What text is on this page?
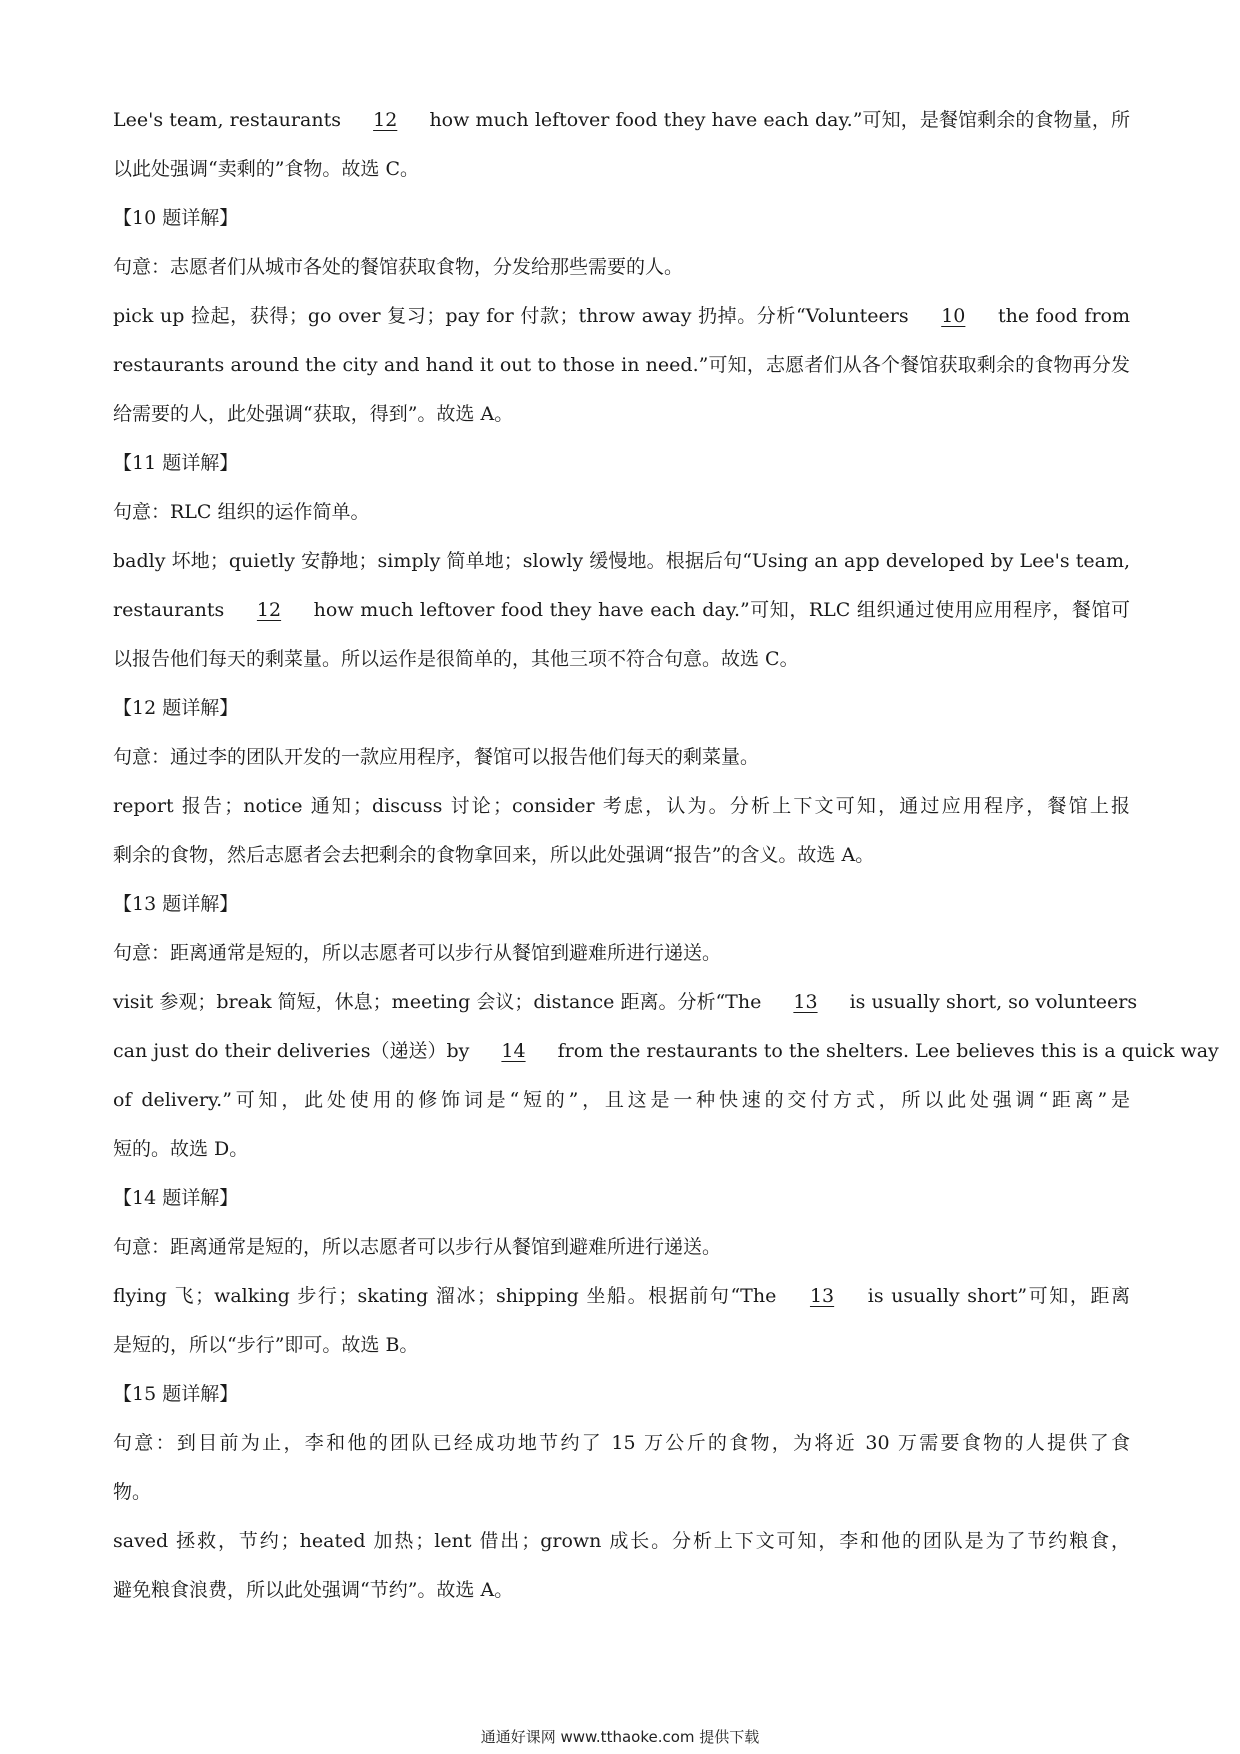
Lee's team, restaurants 12 how much leftover food they have each day.”可知，是餐馆剩余的食物量，所
以此处强调“卖剩的”食物。故选 C。
【10 题详解】
句意：志愿者们从城市各处的餐馆获取食物，分发给那些需要的人。
pick up 捡起，获得；go over 复习；pay for 付款；throw away 扔掉。分析“Volunteers 10 the food from
restaurants around the city and hand it out to those in need.”可知，志愿者们从各个餐馆获取剩余的食物再分发
给需要的人，此处强调“获取，得到”。故选 A。
【11 题详解】
句意：RLC 组织的运作简单。
badly 坏地；quietly 安静地；simply 简单地；slowly 缓慢地。根据后句“Using an app developed by Lee's team,
restaurants 12 how much leftover food they have each day.”可知，RLC 组织通过使用应用程序，餐馆可
以报告他们每天的剩菜量。所以运作是很简单的，其他三项不符合句意。故选 C。
【12 题详解】
句意：通过李的团队开发的一款应用程序，餐馆可以报告他们每天的剩菜量。
report 报告；notice 通知；discuss 讨论；consider 考虑，认为。分析上下文可知，通过应用程序，餐馆上报
剩余的食物，然后志愿者会去把剩余的食物拿回来，所以此处强调“报告”的含义。故选 A。
【13 题详解】
句意：距离通常是短的，所以志愿者可以步行从餐馆到避难所进行递送。
visit 参观；break 简短，休息；meeting 会议；distance 距离。分析“The 13 is usually short, so volunteers
can just do their deliveries（递送）by 14 from the restaurants to the shelters. Lee believes this is a quick way
of delivery.”可知，此处使用的修饰词是“短的”，且这是一种快速的交付方式，所以此处强调“距离”是
短的。故选 D。
【14 题详解】
句意：距离通常是短的，所以志愿者可以步行从餐馆到避难所进行递送。
flying 飞；walking 步行；skating 溜冰；shipping 坐船。根据前句“The 13 is usually short”可知，距离
是短的，所以“步行”即可。故选 B。
【15 题详解】
句意：到目前为止，李和他的团队已经成功地节约了 15 万公斤的食物，为将近 30 万需要食物的人提供了食
物。
saved 拯救，节约；heated 加热；lent 借出；grown 成长。分析上下文可知，李和他的团队是为了节约粮食，
避免粮食浪费，所以此处强调“节约”。故选 A。
通通好课网 www.tthaoke.com 提供下载
